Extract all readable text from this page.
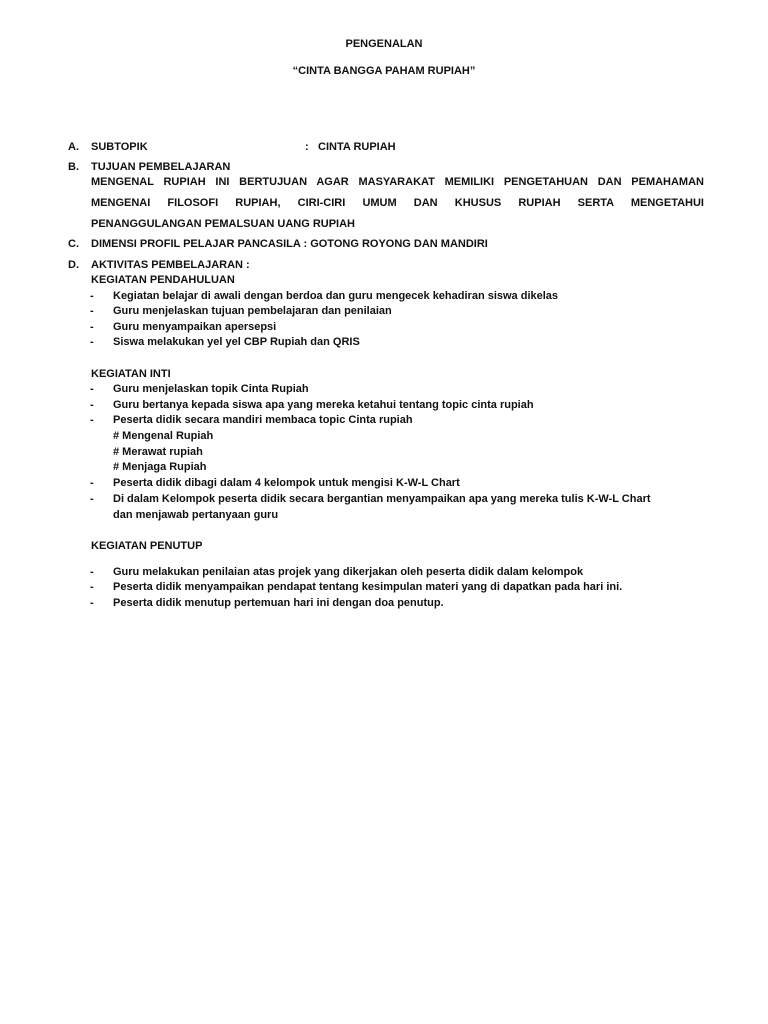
PENGENALAN
“CINTA BANGGA PAHAM RUPIAH”
A. SUBTOPIK	: CINTA RUPIAH
B. TUJUAN PEMBELAJARAN
MENGENAL RUPIAH INI BERTUJUAN AGAR MASYARAKAT MEMILIKI PENGETAHUAN DAN PEMAHAMAN
MENGENAI FILOSOFI RUPIAH, CIRI-CIRI UMUM DAN KHUSUS RUPIAH SERTA MENGETAHUI
PENANGGULANGAN PEMALSUAN UANG RUPIAH
C. DIMENSI PROFIL PELAJAR PANCASILA : GOTONG ROYONG DAN MANDIRI
D. AKTIVITAS PEMBELAJARAN :
KEGIATAN PENDAHULUAN
- Kegiatan belajar di awali dengan berdoa dan guru mengecek kehadiran siswa dikelas
- Guru menjelaskan tujuan pembelajaran dan penilaian
- Guru menyampaikan apersepsi
- Siswa melakukan yel yel CBP Rupiah dan QRIS
KEGIATAN INTI
- Guru menjelaskan topik Cinta Rupiah
- Guru bertanya kepada siswa apa yang mereka ketahui tentang topic cinta rupiah
- Peserta didik secara mandiri membaca topic Cinta rupiah
# Mengenal Rupiah
# Merawat rupiah
# Menjaga Rupiah
- Peserta didik dibagi dalam 4 kelompok untuk mengisi K-W-L Chart
- Di dalam Kelompok peserta didik secara bergantian menyampaikan apa yang mereka tulis K-W-L Chart
dan menjawab pertanyaan guru
KEGIATAN PENUTUP
- Guru melakukan penilaian atas projek yang dikerjakan oleh peserta didik dalam kelompok
- Peserta didik menyampaikan pendapat tentang kesimpulan materi yang di dapatkan pada hari ini.
- Peserta didik menutup pertemuan hari ini dengan doa penutup.
